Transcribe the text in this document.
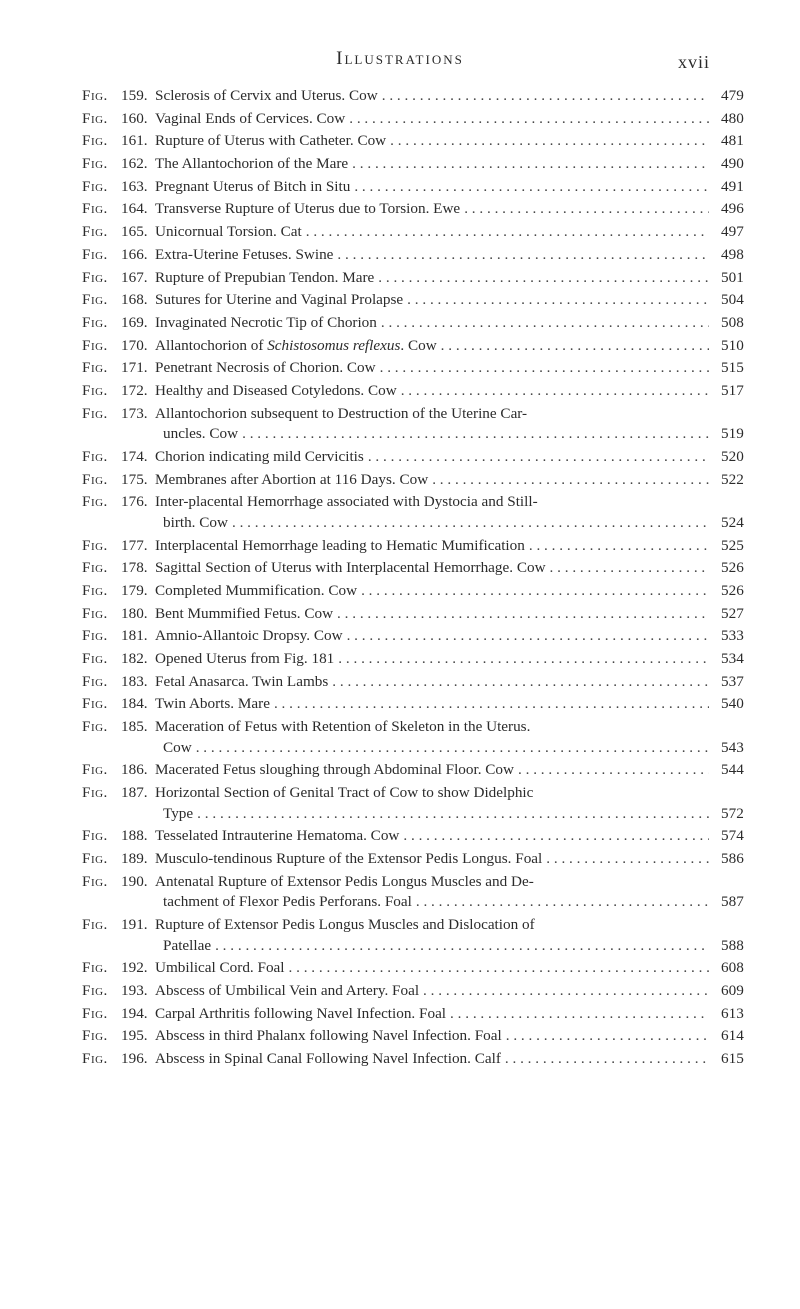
Illustrations	xvii
Fig. 159. Sclerosis of Cervix and Uterus. Cow . . .	479
Fig. 160. Vaginal Ends of Cervices. Cow . . .	480
Fig. 161. Rupture of Uterus with Catheter. Cow . . .	481
Fig. 162. The Allantochorion of the Mare . . .	490
Fig. 163. Pregnant Uterus of Bitch in Situ . . .	491
Fig. 164. Transverse Rupture of Uterus due to Torsion. Ewe . . .	496
Fig. 165. Unicornual Torsion. Cat . . .	497
Fig. 166. Extra-Uterine Fetuses. Swine . . .	498
Fig. 167. Rupture of Prepubian Tendon. Mare . . .	501
Fig. 168. Sutures for Uterine and Vaginal Prolapse . . .	504
Fig. 169. Invaginated Necrotic Tip of Chorion . . .	508
Fig. 170. Allantochorion of Schistosomus reflexus. Cow . . .	510
Fig. 171. Penetrant Necrosis of Chorion. Cow . . .	515
Fig. 172. Healthy and Diseased Cotyledons. Cow . . .	517
Fig. 173. Allantochorion subsequent to Destruction of the Uterine Car-
uncles. Cow . . .	519
Fig. 174. Chorion indicating mild Cervicitis . . .	520
Fig. 175. Membranes after Abortion at 116 Days. Cow . . .	522
Fig. 176. Inter-placental Hemorrhage associated with Dystocia and Still-
birth. Cow . . .	524
Fig. 177. Interplacental Hemorrhage leading to Hematic Mumification . . .	525
Fig. 178. Sagittal Section of Uterus with Interplacental Hemorrhage. Cow . . .	526
Fig. 179. Completed Mummification. Cow . . .	526
Fig. 180. Bent Mummified Fetus. Cow . . .	527
Fig. 181. Amnio-Allantoic Dropsy. Cow . . .	533
Fig. 182. Opened Uterus from Fig. 181 . . .	534
Fig. 183. Fetal Anasarca. Twin Lambs . . .	537
Fig. 184. Twin Aborts. Mare . . .	540
Fig. 185. Maceration of Fetus with Retention of Skeleton in the Uterus.
Cow . . .	543
Fig. 186. Macerated Fetus sloughing through Abdominal Floor. Cow . . .	544
Fig. 187. Horizontal Section of Genital Tract of Cow to show Didelphic
Type . . .	572
Fig. 188. Tesselated Intrauterine Hematoma. Cow . . .	574
Fig. 189. Musculo-tendinous Rupture of the Extensor Pedis Longus. Foal . . .	586
Fig. 190. Antenatal Rupture of Extensor Pedis Longus Muscles and De-
tachment of Flexor Pedis Perforans. Foal . . .	587
Fig. 191. Rupture of Extensor Pedis Longus Muscles and Dislocation of
Patellae . . .	588
Fig. 192. Umbilical Cord. Foal . . .	608
Fig. 193. Abscess of Umbilical Vein and Artery. Foal . . .	609
Fig. 194. Carpal Arthritis following Navel Infection. Foal . . .	613
Fig. 195. Abscess in third Phalanx following Navel Infection. Foal . . .	614
Fig. 196. Abscess in Spinal Canal Following Navel Infection. Calf . . .	615
